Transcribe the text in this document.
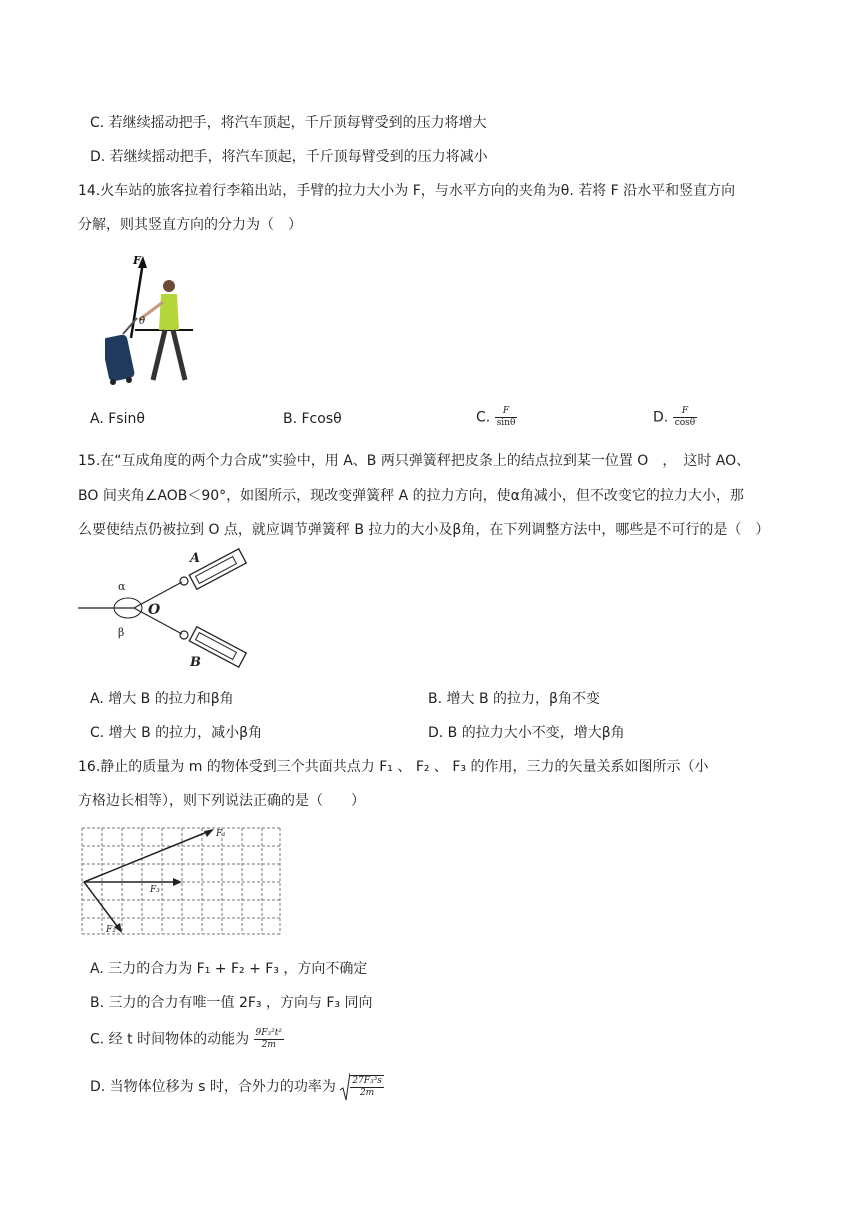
C. 若继续摇动把手，将汽车顶起，千斤顶每臂受到的压力将增大
D. 若继续摇动把手，将汽车顶起，千斤顶每臂受到的压力将减小
14.火车站的旅客拉着行李箱出站，手臂的拉力大小为 F，与水平方向的夹角为θ. 若将 F 沿水平和竖直方向
分解，则其竖直方向的分力为（　）
F
θ
A. Fsinθ	B. Fcosθ	C. $\frac{F}{\sin\theta}$	D. $\frac{F}{\cos\theta}$
15.在“互成角度的两个力合成”实验中，用 A、B 两只弹簧秤把皮条上的结点拉到某一位置 O　，　这时 AO、
BO 间夹角∠AOB＜90°，如图所示，现改变弹簧秤 A 的拉力方向，使α角减小，但不改变它的拉力大小，那
么要使结点仍被拉到 O 点，就应调节弹簧秤 B 拉力的大小及β角，在下列调整方法中，哪些是不可行的是（　）
A
B
O
α
β
A. 增大 B 的拉力和β角	B. 增大 B 的拉力，β角不变
C. 增大 B 的拉力，减小β角	D. B 的拉力大小不变，增大β角
16.静止的质量为 m 的物体受到三个共面共点力 F₁ 、 F₂ 、 F₃ 的作用，三力的矢量关系如图所示（小
方格边长相等），则下列说法正确的是（　　）
F₁
F₃
F₂
A. 三力的合力为 F₁ + F₂ + F₃ ，方向不确定
B. 三力的合力有唯一值 2F₃ ，方向与 F₃ 同向
C. 经 t 时间物体的动能为 $\frac{\text{9F₃²t²}}{2m}$
D. 当物体位移为 s 时，合外力的功率为 $\frac{\text{27F₃³s}}{2m}$
